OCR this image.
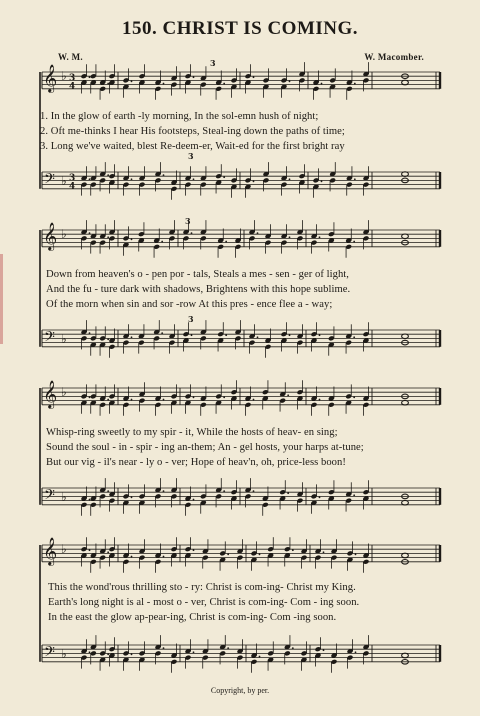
150. CHRIST IS COMING.
W. M.	W. Macomber.
𝄞 ♭ 3
4
𝄞 ♭
𝄞 ♭
𝄞 ♭
𝄢 ♭ 3
4
𝄢 ♭
𝄢 ♭
𝄢 ♭
3
3
3
3
1. In the glow of earth -ly morning, In the sol-emn hush of night;
2. Oft me-thinks I hear His footsteps, Steal-ing down the paths of time;
3. Long we've waited, blest Re-deem-er, Wait-ed for the first bright ray
Down from heaven's o - pen por - tals, Steals a mes - sen - ger of light,
And the fu - ture dark with shadows, Brightens with this hope sublime.
Of the morn when sin and sor -row At this pres - ence flee a - way;
Whisp-ring sweetly to my spir - it, While the hosts of heav- en sing;
Sound the soul - in - spir - ing an-them; An - gel hosts, your harps at-tune;
But our vig - il's near - ly o - ver; Hope of heav'n, oh, price-less boon!
This the wond'rous thrilling sto - ry: Christ is com-ing- Christ my King.
Earth's long night is al - most o - ver, Christ is com-ing- Com - ing soon.
In the east the glow ap-pear-ing, Christ is com-ing- Com -ing soon.
Copyright, by per.
